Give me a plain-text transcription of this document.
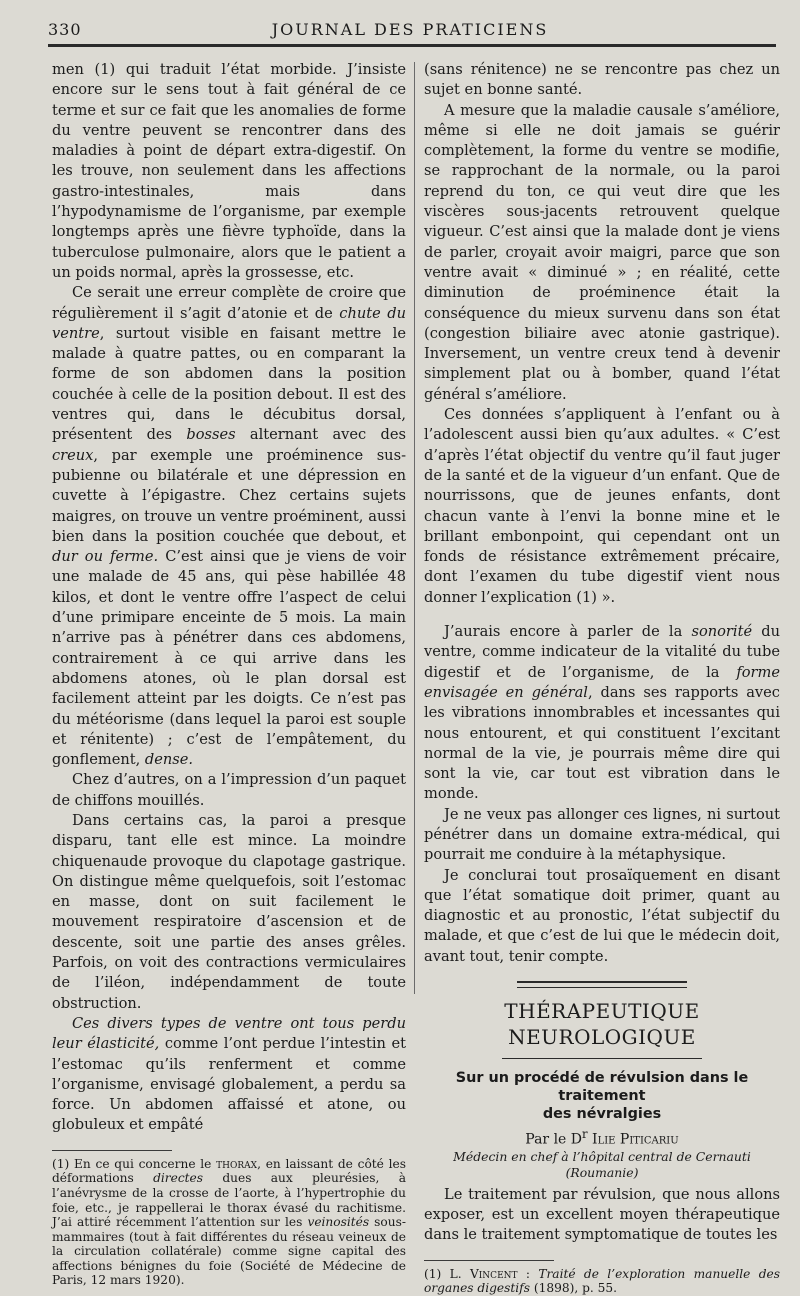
330	JOURNAL DES PRATICIENS

men (1) qui traduit l’état morbide. J’insiste encore sur le sens tout à fait général de ce terme et sur ce fait que les anomalies de forme du ventre peuvent se rencontrer dans des maladies à point de départ extra-digestif. On les trouve, non seulement dans les affections gastro-intestinales, mais dans l’hypodynamisme de l’organisme, par exemple longtemps après une fièvre typhoïde, dans la tuberculose pulmonaire, alors que le patient a un poids normal, après la grossesse, etc.

Ce serait une erreur complète de croire que régulièrement il s’agit d’atonie et de chute du ventre, surtout visible en faisant mettre le malade à quatre pattes, ou en comparant la forme de son abdomen dans la position couchée à celle de la position debout. Il est des ventres qui, dans le décubitus dorsal, présentent des bosses alternant avec des creux, par exemple une proéminence sus-pubienne ou bilatérale et une dépression en cuvette à l’épigastre. Chez certains sujets maigres, on trouve un ventre proéminent, aussi bien dans la position couchée que debout, et dur ou ferme. C’est ainsi que je viens de voir une malade de 45 ans, qui pèse habillée 48 kilos, et dont le ventre offre l’aspect de celui d’une primipare enceinte de 5 mois. La main n’arrive pas à pénétrer dans ces abdomens, contrairement à ce qui arrive dans les abdomens atones, où le plan dorsal est facilement atteint par les doigts. Ce n’est pas du météorisme (dans lequel la paroi est souple et rénitente) ; c’est de l’empâtement, du gonflement, dense.

Chez d’autres, on a l’impression d’un paquet de chiffons mouillés.

Dans certains cas, la paroi a presque disparu, tant elle est mince. La moindre chiquenaude provoque du clapotage gastrique. On distingue même quelquefois, soit l’estomac en masse, dont on suit facilement le mouvement respiratoire d’ascension et de descente, soit une partie des anses grêles. Parfois, on voit des contractions vermiculaires de l’iléon, indépendamment de toute obstruction.

Ces divers types de ventre ont tous perdu leur élasticité, comme l’ont perdue l’intestin et l’estomac qu’ils renferment et comme l’organisme, envisagé globalement, a perdu sa force. Un abdomen affaissé et atone, ou globuleux et empâté

(1) En ce qui concerne le thorax, en laissant de côté les déformations directes dues aux pleurésies, à l’anévrysme de la crosse de l’aorte, à l’hypertrophie du foie, etc., je rappellerai le thorax évasé du rachitisme. J’ai attiré récemment l’attention sur les veinosités sous-mammaires (tout à fait différentes du réseau veineux de la circulation collatérale) comme signe capital des affections bénignes du foie (Société de Médecine de Paris, 12 mars 1920).

(sans rénitence) ne se rencontre pas chez un sujet en bonne santé.

A mesure que la maladie causale s’améliore, même si elle ne doit jamais se guérir complètement, la forme du ventre se modifie, se rapprochant de la normale, ou la paroi reprend du ton, ce qui veut dire que les viscères sous-jacents retrouvent quelque vigueur. C’est ainsi que la malade dont je viens de parler, croyait avoir maigri, parce que son ventre avait « diminué » ; en réalité, cette diminution de proéminence était la conséquence du mieux survenu dans son état (congestion biliaire avec atonie gastrique). Inversement, un ventre creux tend à devenir simplement plat ou à bomber, quand l’état général s’améliore.

Ces données s’appliquent à l’enfant ou à l’adolescent aussi bien qu’aux adultes. « C’est d’après l’état objectif du ventre qu’il faut juger de la santé et de la vigueur d’un enfant. Que de nourrissons, que de jeunes enfants, dont chacun vante à l’envi la bonne mine et le brillant embonpoint, qui cependant ont un fonds de résistance extrêmement précaire, dont l’examen du tube digestif vient nous donner l’explication (1) ».

J’aurais encore à parler de la sonorité du ventre, comme indicateur de la vitalité du tube digestif et de l’organisme, de la forme envisagée en général, dans ses rapports avec les vibrations innombrables et incessantes qui nous entourent, et qui constituent l’excitant normal de la vie, je pourrais même dire qui sont la vie, car tout est vibration dans le monde.

Je ne veux pas allonger ces lignes, ni surtout pénétrer dans un domaine extra-médical, qui pourrait me conduire à la métaphysique.

Je conclurai tout prosaïquement en disant que l’état somatique doit primer, quant au diagnostic et au pronostic, l’état subjectif du malade, et que c’est de lui que le médecin doit, avant tout, tenir compte.

THÉRAPEUTIQUE NEUROLOGIQUE
Sur un procédé de révulsion dans le traitement
des névralgies
Par le $D^r$ Ilie Piticariu
Médecin en chef à l’hôpital central de Cernauti (Roumanie)

Le traitement par révulsion, que nous allons exposer, est un excellent moyen thérapeutique dans le traitement symptomatique de toutes les

(1) L. Vincent : Traité de l’exploration manuelle des organes digestifs (1898), p. 55.
